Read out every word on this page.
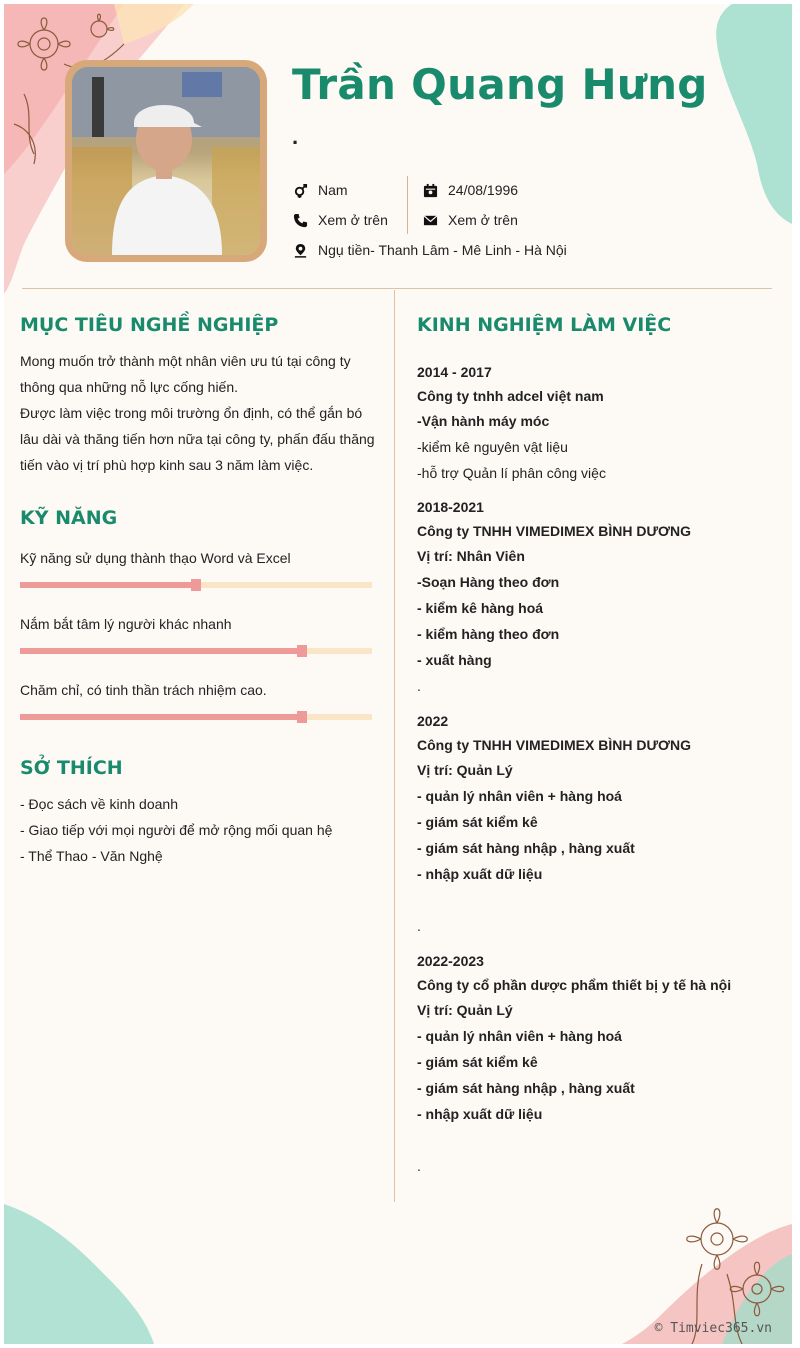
Trần Quang Hưng
.
Nam
Xem ở trên
Ngụ tiền- Thanh Lâm - Mê Linh - Hà Nội
24/08/1996
Xem ở trên
MỤC TIÊU NGHỀ NGHIỆP
Mong muốn trở thành một nhân viên ưu tú tại công ty
thông qua những nỗ lực cống hiến.
Được làm việc trong môi trường ổn định, có thể gắn bó
lâu dài và thăng tiến hơn nữa tại công ty, phấn đấu thăng
tiến vào vị trí phù hợp kinh sau 3 năm làm việc.
KỸ NĂNG
Kỹ năng sử dụng thành thạo Word và Excel
Nắm bắt tâm lý người khác nhanh
Chăm chỉ, có tinh thần trách nhiệm cao.
SỞ THÍCH
- Đọc sách về kinh doanh
- Giao tiếp với mọi người để mở rộng mối quan hệ
- Thể Thao - Văn Nghệ
KINH NGHIỆM LÀM VIỆC
2014 - 2017
Công ty tnhh adcel việt nam
-Vận hành máy móc
-kiểm kê nguyên vật liệu
-hỗ trợ Quản lí phân công việc
2018-2021
Công ty TNHH VIMEDIMEX BÌNH DƯƠNG
Vị trí: Nhân Viên
-Soạn Hàng theo đơn
- kiểm kê hàng hoá
- kiểm hàng theo đơn
- xuất hàng
.
2022
Công ty TNHH VIMEDIMEX BÌNH DƯƠNG
Vị trí: Quản Lý
- quản lý nhân viên + hàng hoá
- giám sát kiểm kê
- giám sát hàng nhập , hàng xuất
- nhập xuất dữ liệu
.
2022-2023
Công ty cổ phần dược phẩm thiết bị y tế hà nội
Vị trí: Quản Lý
- quản lý nhân viên + hàng hoá
- giám sát kiểm kê
- giám sát hàng nhập , hàng xuất
- nhập xuất dữ liệu
.
© Timviec365.vn
